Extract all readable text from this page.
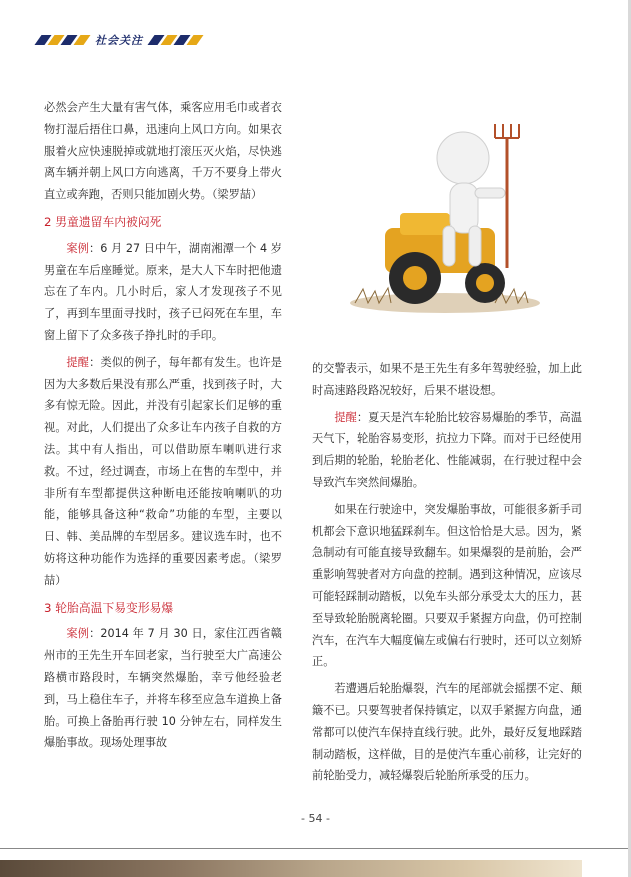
社会关注

必然会产生大量有害气体，乘客应用毛巾或者衣物打湿后捂住口鼻，迅速向上风口方向。如果衣服着火应快速脱掉或就地打滚压灭火焰，尽快逃离车辆并朝上风口方向逃离，千万不要身上带火直立或奔跑，否则只能加剧火势。（梁罗喆）

2 男童遗留车内被闷死

案例：6 月 27 日中午，湖南湘潭一个 4 岁男童在车后座睡觉。原来，是大人下车时把他遗忘在了车内。几小时后，家人才发现孩子不见了，再到车里面寻找时，孩子已闷死在车里，车窗上留下了众多孩子挣扎时的手印。

提醒：类似的例子，每年都有发生。也许是因为大多数后果没有那么严重，找到孩子时，大多有惊无险。因此，并没有引起家长们足够的重视。对此，人们提出了众多让车内孩子自救的方法。其中有人指出，可以借助原车喇叭进行求救。不过，经过调查，市场上在售的车型中，并非所有车型都提供这种断电还能按响喇叭的功能，能够具备这种“救命”功能的车型，主要以日、韩、美品牌的车型居多。建议选车时，也不妨将这种功能作为选择的重要因素考虑。（梁罗喆）

3 轮胎高温下易变形易爆

案例：2014 年 7 月 30 日，家住江西省赣州市的王先生开车回老家，当行驶至大广高速公路横市路段时，车辆突然爆胎，幸亏他经验老到，马上稳住车子，并将车移至应急车道换上备胎。可换上备胎再行驶 10 分钟左右，同样发生爆胎事故。现场处理事故

的交警表示，如果不是王先生有多年驾驶经验，加上此时高速路段路况较好，后果不堪设想。

提醒：夏天是汽车轮胎比较容易爆胎的季节，高温天气下，轮胎容易变形，抗拉力下降。而对于已经使用到后期的轮胎，轮胎老化、性能减弱，在行驶过程中会导致汽车突然间爆胎。

如果在行驶途中，突发爆胎事故，可能很多新手司机都会下意识地猛踩刹车。但这恰恰是大忌。因为，紧急制动有可能直接导致翻车。如果爆裂的是前胎，会严重影响驾驶者对方向盘的控制。遇到这种情况，应该尽可能轻踩制动踏板，以免车头部分承受太大的压力，甚至导致轮胎脱离轮圈。只要双手紧握方向盘，仍可控制汽车，在汽车大幅度偏左或偏右行驶时，还可以立刻矫正。

若遭遇后轮胎爆裂，汽车的尾部就会摇摆不定、颠簸不已。只要驾驶者保持镇定，以双手紧握方向盘，通常都可以使汽车保持直线行驶。此外，最好反复地踩踏制动踏板，这样做，目的是使汽车重心前移，让完好的前轮胎受力，减轻爆裂后轮胎所承受的压力。

- 54 -
